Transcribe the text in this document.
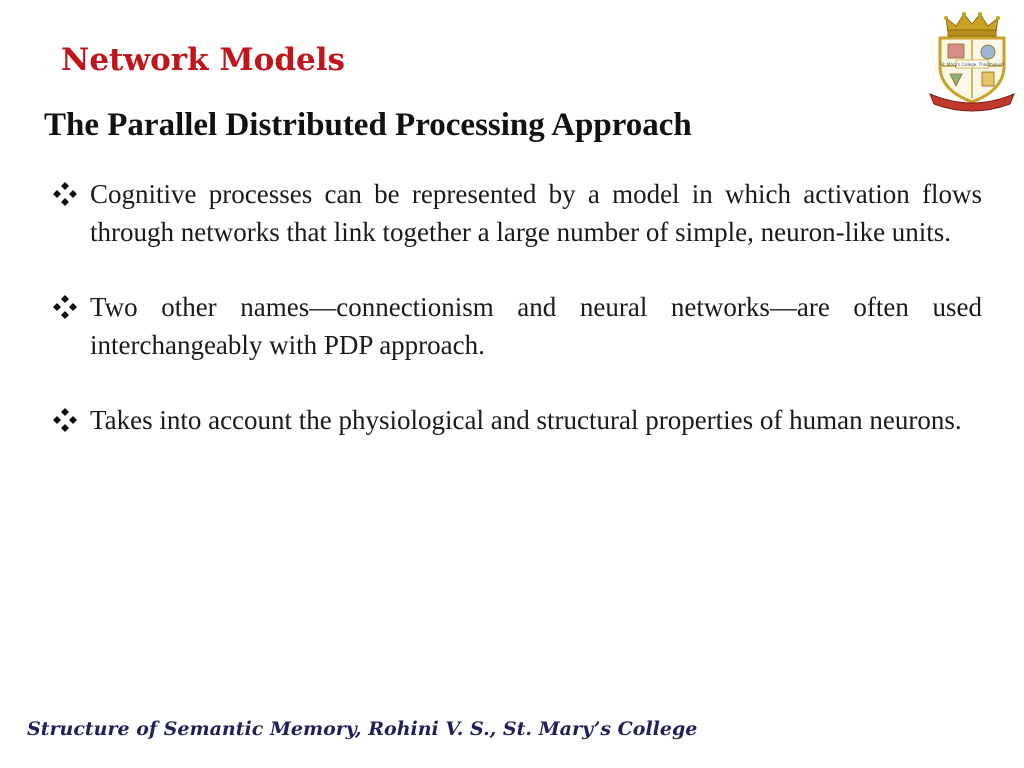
Network Models
The Parallel Distributed Processing Approach
Cognitive processes can be represented by a model in which activation flows through networks that link together a large number of simple, neuron-like units.
Two other names—connectionism and neural networks—are often used interchangeably with PDP approach.
Takes into account the physiological and structural properties of human neurons.
St. Mary's College, Thoothukudi

Structure of Semantic Memory, Rohini V. S., St. Mary’s College
